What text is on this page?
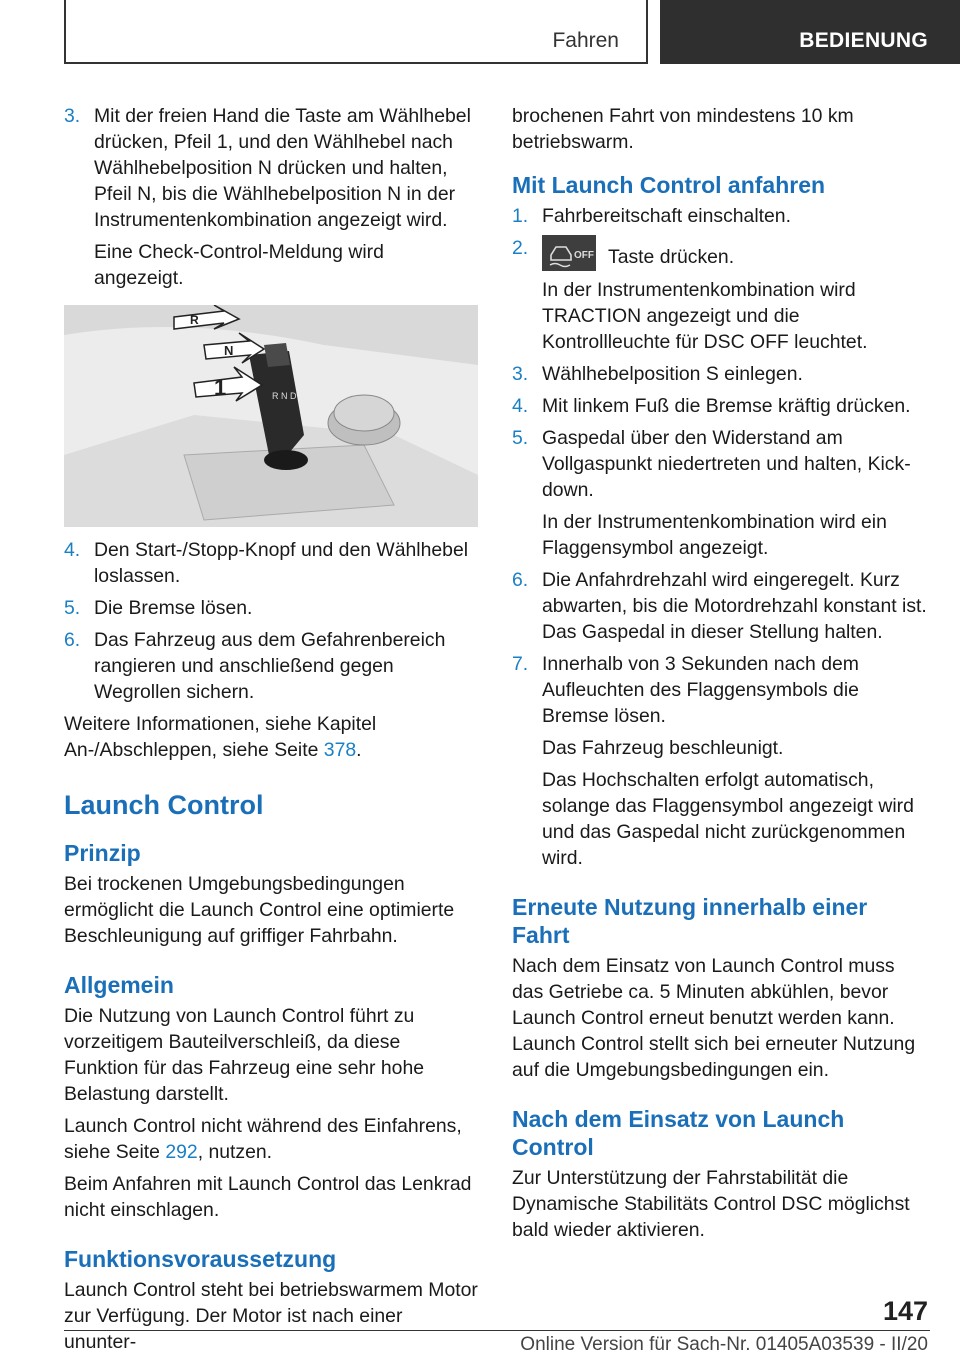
Fahren	BEDIENUNG
3. Mit der freien Hand die Taste am Wählhebel drücken, Pfeil 1, und den Wählhebel nach Wählhebelposition N drücken und halten, Pfeil N, bis die Wählhebelposition N in der Instrumentenkombination angezeigt wird.
Eine Check-Control-Meldung wird angezeigt.
R N D
R
N
1
4. Den Start-/Stopp-Knopf und den Wählhebel loslassen.
5. Die Bremse lösen.
6. Das Fahrzeug aus dem Gefahrenbereich rangieren und anschließend gegen Wegrollen sichern.

Weitere Informationen, siehe Kapitel An-/Abschleppen, siehe Seite 378.

Launch Control
Prinzip

Bei trockenen Umgebungsbedingungen ermöglicht die Launch Control eine optimierte Beschleunigung auf griffiger Fahrbahn.

Allgemein

Die Nutzung von Launch Control führt zu vorzeitigem Bauteilverschleiß, da diese Funktion für das Fahrzeug eine sehr hohe Belastung darstellt.

Launch Control nicht während des Einfahrens, siehe Seite 292, nutzen.

Beim Anfahren mit Launch Control das Lenkrad nicht einschlagen.

Funktionsvoraussetzung

Launch Control steht bei betriebswarmem Motor zur Verfügung. Der Motor ist nach einer ununter-

brochenen Fahrt von mindestens 10 km betriebswarm.

Mit Launch Control anfahren
1. Fahrbereitschaft einschalten.
2.	OFF Taste drücken.
In der Instrumentenkombination wird TRACTION angezeigt und die Kontrollleuchte für DSC OFF leuchtet.
3. Wählhebelposition S einlegen.
4. Mit linkem Fuß die Bremse kräftig drücken.
5. Gaspedal über den Widerstand am Vollgaspunkt niedertreten und halten, Kick-down.
In der Instrumentenkombination wird ein Flaggensymbol angezeigt.
6. Die Anfahrdrehzahl wird eingeregelt. Kurz abwarten, bis die Motordrehzahl konstant ist. Das Gaspedal in dieser Stellung halten.
7. Innerhalb von 3 Sekunden nach dem Aufleuchten des Flaggensymbols die Bremse lösen.
Das Fahrzeug beschleunigt.
Das Hochschalten erfolgt automatisch, solange das Flaggensymbol angezeigt wird und das Gaspedal nicht zurückgenommen wird.
Erneute Nutzung innerhalb einer Fahrt

Nach dem Einsatz von Launch Control muss das Getriebe ca. 5 Minuten abkühlen, bevor Launch Control erneut benutzt werden kann. Launch Control stellt sich bei erneuter Nutzung auf die Umgebungsbedingungen ein.

Nach dem Einsatz von Launch Control

Zur Unterstützung der Fahrstabilität die Dynamische Stabilitäts Control DSC möglichst bald wieder aktivieren.

147
Online Version für Sach-Nr. 01405A03539 - II/20
